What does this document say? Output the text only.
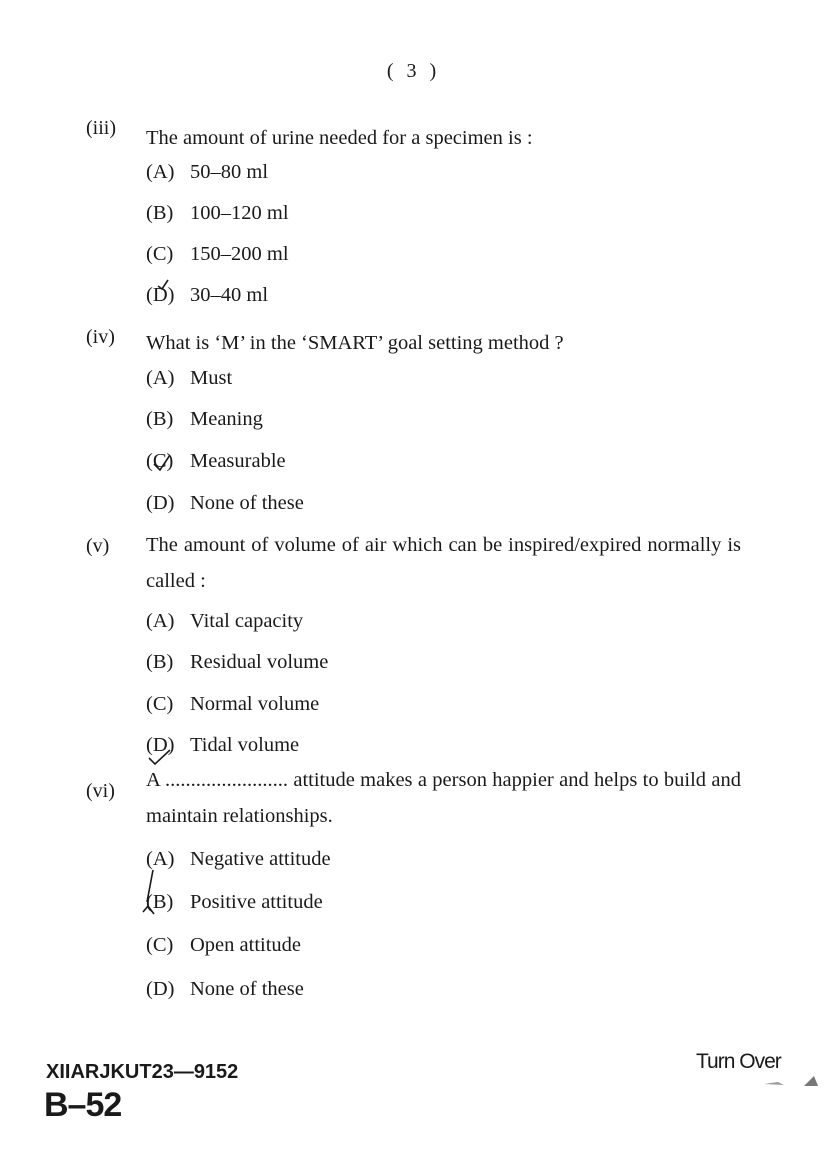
( 3 )
(iii) The amount of urine needed for a specimen is :
(A) 50–80 ml
(B) 100–120 ml
(C) 150–200 ml
(D) 30–40 ml
(iv) What is ‘M’ in the ‘SMART’ goal setting method ?
(A) Must
(B) Meaning
(C) Measurable
(D) None of these
(v) The amount of volume of air which can be inspired/expired normally is called :
(A) Vital capacity
(B) Residual volume
(C) Normal volume
(D) Tidal volume
(vi) A ........................ attitude makes a person happier and helps to build and maintain relationships.
(A) Negative attitude
(B) Positive attitude
(C) Open attitude
(D) None of these
XIIARJKUT23—9152
B–52
Turn Over
